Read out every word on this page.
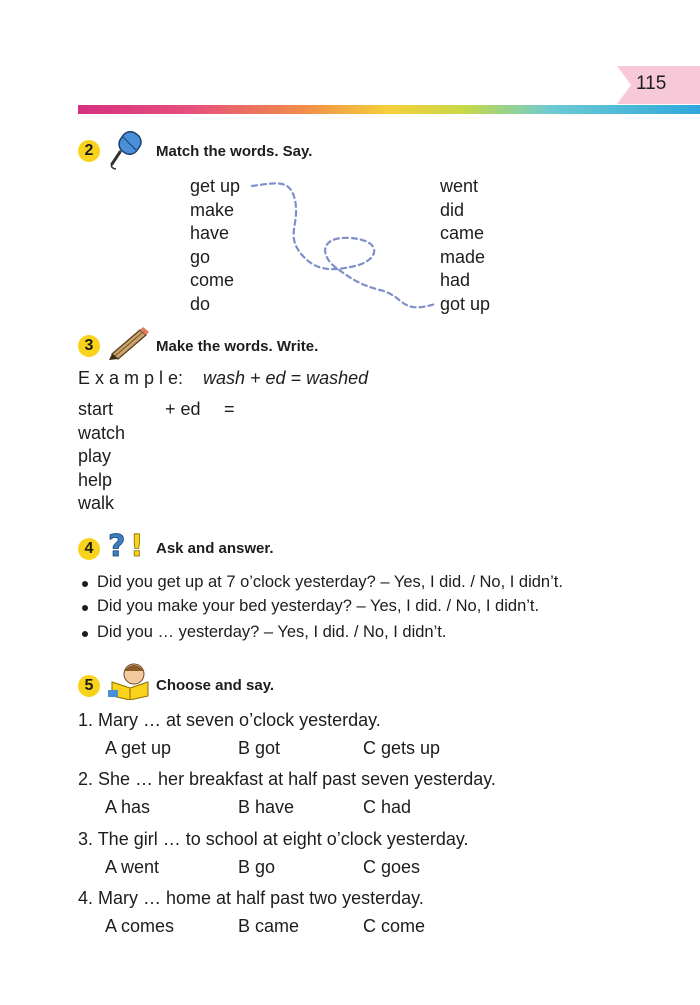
115
2	Match the words. Say.
get up
make
have
go
come
do
went
did
came
made
had
got up
3	Make the words. Write.
E x a m p l e: wash + ed = washed
start
watch
play
help
walk
+ ed =
4 ? ! Ask and answer.
Did you get up at 7 o’clock yesterday? – Yes, I did. / No, I didn’t.
Did you make your bed yesterday? – Yes, I did. / No, I didn’t.
Did you … yesterday? – Yes, I did. / No, I didn’t.
5	Choose and say.
1. Mary … at seven o’clock yesterday.
A get up	B got	C gets up
2. She … her breakfast at half past seven yesterday.
A has	B have	C had
3. The girl … to school at eight o’clock yesterday.
A went	B go	C goes
4. Mary … home at half past two yesterday.
A comes	B came	C come
